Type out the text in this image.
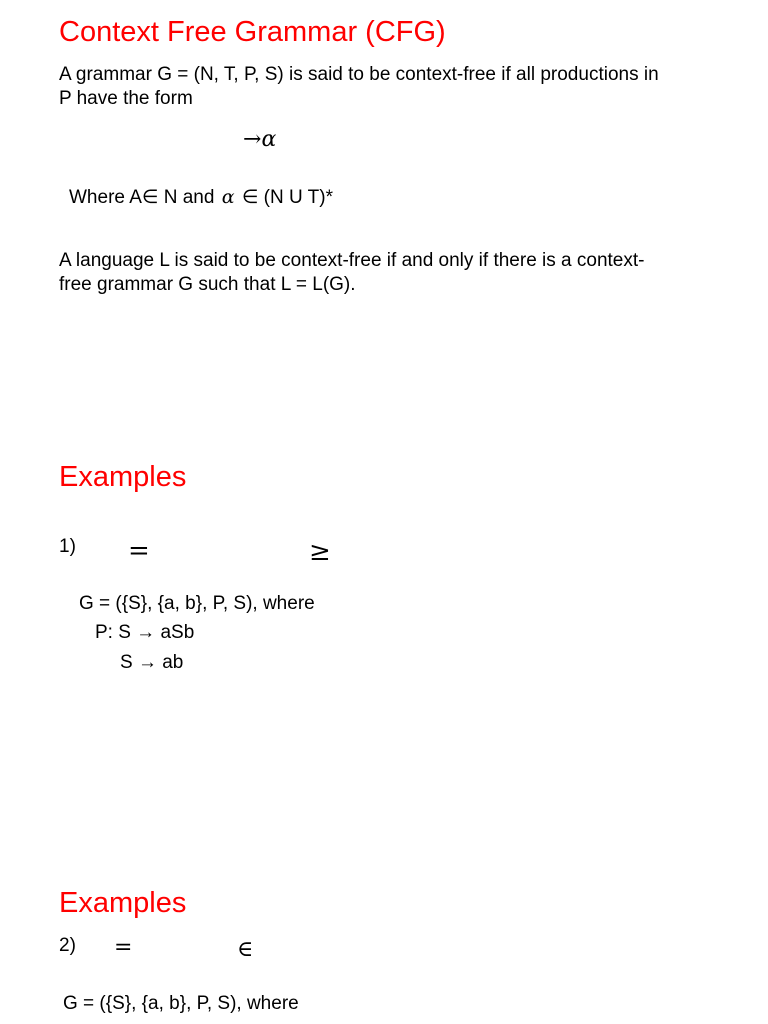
Context Free Grammar (CFG)
A grammar G = (N, T, P, S) is said to be context-free if all productions in
P have the form
→α
Where A∈ N and α ∈ (N U T)*
A language L is said to be context-free if and only if there is a context-
free grammar G such that L = L(G).
Examples
1) =	≥
G = ({S}, {a, b}, P, S), where
P: S → aSb
S → ab
Examples
2) =	∈
G = ({S}, {a, b}, P, S), where
